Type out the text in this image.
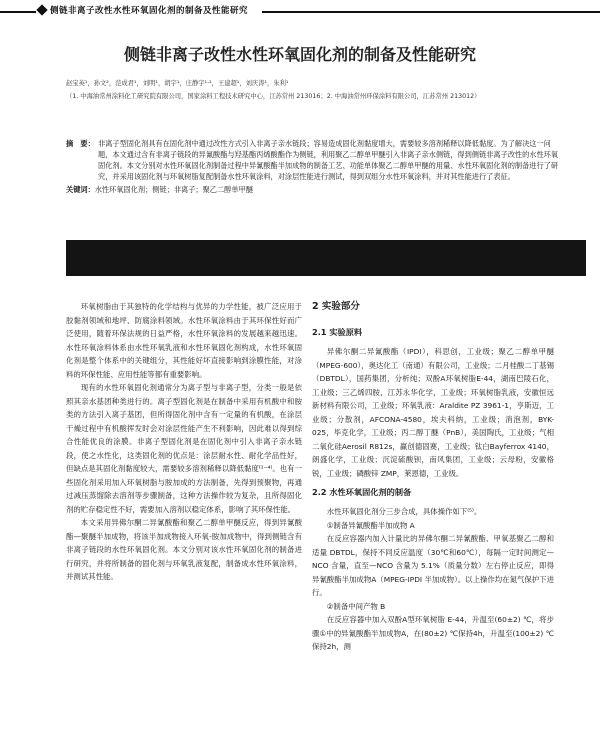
侧链非离子改性水性环氧固化剂的制备及性能研究
侧链非离子改性水性环氧固化剂的制备及性能研究
赵宝英¹，孙文²，范成君¹，刘明¹，胡宇¹，庄静宇¹·²，王建超¹，刘庆涛¹，朱利¹
（1. 中海油常州涂料化工研究院有限公司，国家涂料工程技术研究中心，江苏常州 213016；2. 中海油常州环保涂料有限公司，江苏常州 213012）
摘　要： 非离子型固化剂具有在固化剂中通过改性方式引入非离子亲水链段；容易造成固化剂黏度增大，需要较多溶剂稀释以降低黏度。为了解决这一问题，本文通过含有非离子链段的异氰酸酯与羟基酯丙烯酸酯作为侧链，利用聚乙二醇单甲醚引入非离子亲水侧链，得到侧链非离子改性的水性环氧固化剂。本文分别对水性环氧固化剂制备过程中异氰酸酯半加成物的制备工艺、功能单体聚乙二醇单甲醚的用量、水性环氧固化剂的制备进行了研究，并采用该固化剂与环氧树脂复配制备水性环氧涂料，对涂层性能进行测试，得到双组分水性环氧涂料，并对其性能进行了表征。
关键词：水性环氧固化剂；侧链；非离子；聚乙二醇单甲醚

环氧树脂由于其独特的化学结构与优异的力学性能，被广泛应用于胶黏剂领域和地坪、防腐涂料领域。水性环氧涂料由于其环保性好而广泛使用，随着环保法规的日益严格，水性环氧涂料的发展越来越迅速。水性环氧涂料体系由水性环氧乳液和水性环氧固化剂构成，水性环氧固化剂是整个体系中的关键组分，其性能好坏直接影响到涂膜性能，对涂料的环保性能、应用性能等都有重要影响。

现有的水性环氧固化剂通常分为离子型与非离子型，分类一般是依照其亲水基团种类进行的。离子型固化剂是在制备中采用有机酸中和胺类的方法引入离子基团，但所得固化剂中含有一定量的有机酸，在涂层干燥过程中有机酸挥发时会对涂层性能产生不利影响，因此难以得到综合性能优良的涂膜。非离子型固化剂是在固化剂中引入非离子亲水链段，使之水性化，这类固化剂的优点是：涂层耐水性、耐化学品性好，但缺点是其固化剂黏度较大，需要较多溶剂稀释以降低黏度⁽¹⁻⁴⁾。也有一些固化剂采用加入环氧树脂与胺加成的方法制备，先得到预聚物，再通过减压蒸馏除去溶剂等步骤制备，这种方法操作较为复杂，且所得固化剂的贮存稳定性不好，需要加入溶剂以稳定体系，影响了其环保性能。

本文采用异佛尔酮二异氰酸酯和聚乙二醇单甲醚反应，得到异氰酸酯—聚醚半加成物，将该半加成物接入环氧-胺加成物中，得到侧链含有非离子链段的水性环氧固化剂。本文分别对该水性环氧固化剂的制备进行研究，并将所制备的固化剂与环氧乳液复配，制备成水性环氧涂料，并测试其性能。

2 实验部分
2.1 实验原料

异佛尔酮二异氰酸酯（IPDI），科思创，工业级；聚乙二醇单甲醚（MPEG-600），奥达化工（南通）有限公司，工业级；二月桂酸二丁基锡（DBTDL），国药集团，分析纯；双酚A环氧树脂E-44，湖南巴陵石化，工业级；三乙烯四胺，江苏永华化学，工业级；环氧树脂乳液，安徽恒远新材料有限公司，工业级；环氧乳液：Araldite PZ 3961-1，亨斯迈，工业级；分散剂，AFCONA-4580，埃夫科纳，工业级；消泡剂，BYK-025，毕克化学，工业级；丙二醇丁醚（PnB），美国陶氏，工业级；气相二氧化硅Aerosil R812s，赢创德固赛，工业级；钛白Bayferrox 4140，朗盛化学，工业级；沉淀硫酸钡，南风集团，工业级；云母粉，安徽格锐，工业级；磷酸锌 ZMP，莱恩德，工业级。

2.2 水性环氧固化剂的制备

水性环氧固化剂分三步合成，具体操作如下⁽⁵⁾。

①制备异氰酸酯半加成物 A

在反应容器内加入计量比的异佛尔酮二异氰酸酯、甲氧基聚乙二醇和适量 DBTDL，保持不同反应温度（30℃和60℃），每隔一定时间测定—NCO 含量，直至—NCO 含量为 5.1%（质量分数）左右停止反应，即得异氰酸酯半加成物A（MPEG-IPDI 半加成物）。以上操作均在氮气保护下进行。

②制备中间产物 B

在反应容器中加入双酚A型环氧树脂 E-44，升温至(60±2) ℃，将步骤①中的异氰酸酯半加成物A，在(80±2) ℃保持4h，升温至(100±2) ℃保持2h，测
